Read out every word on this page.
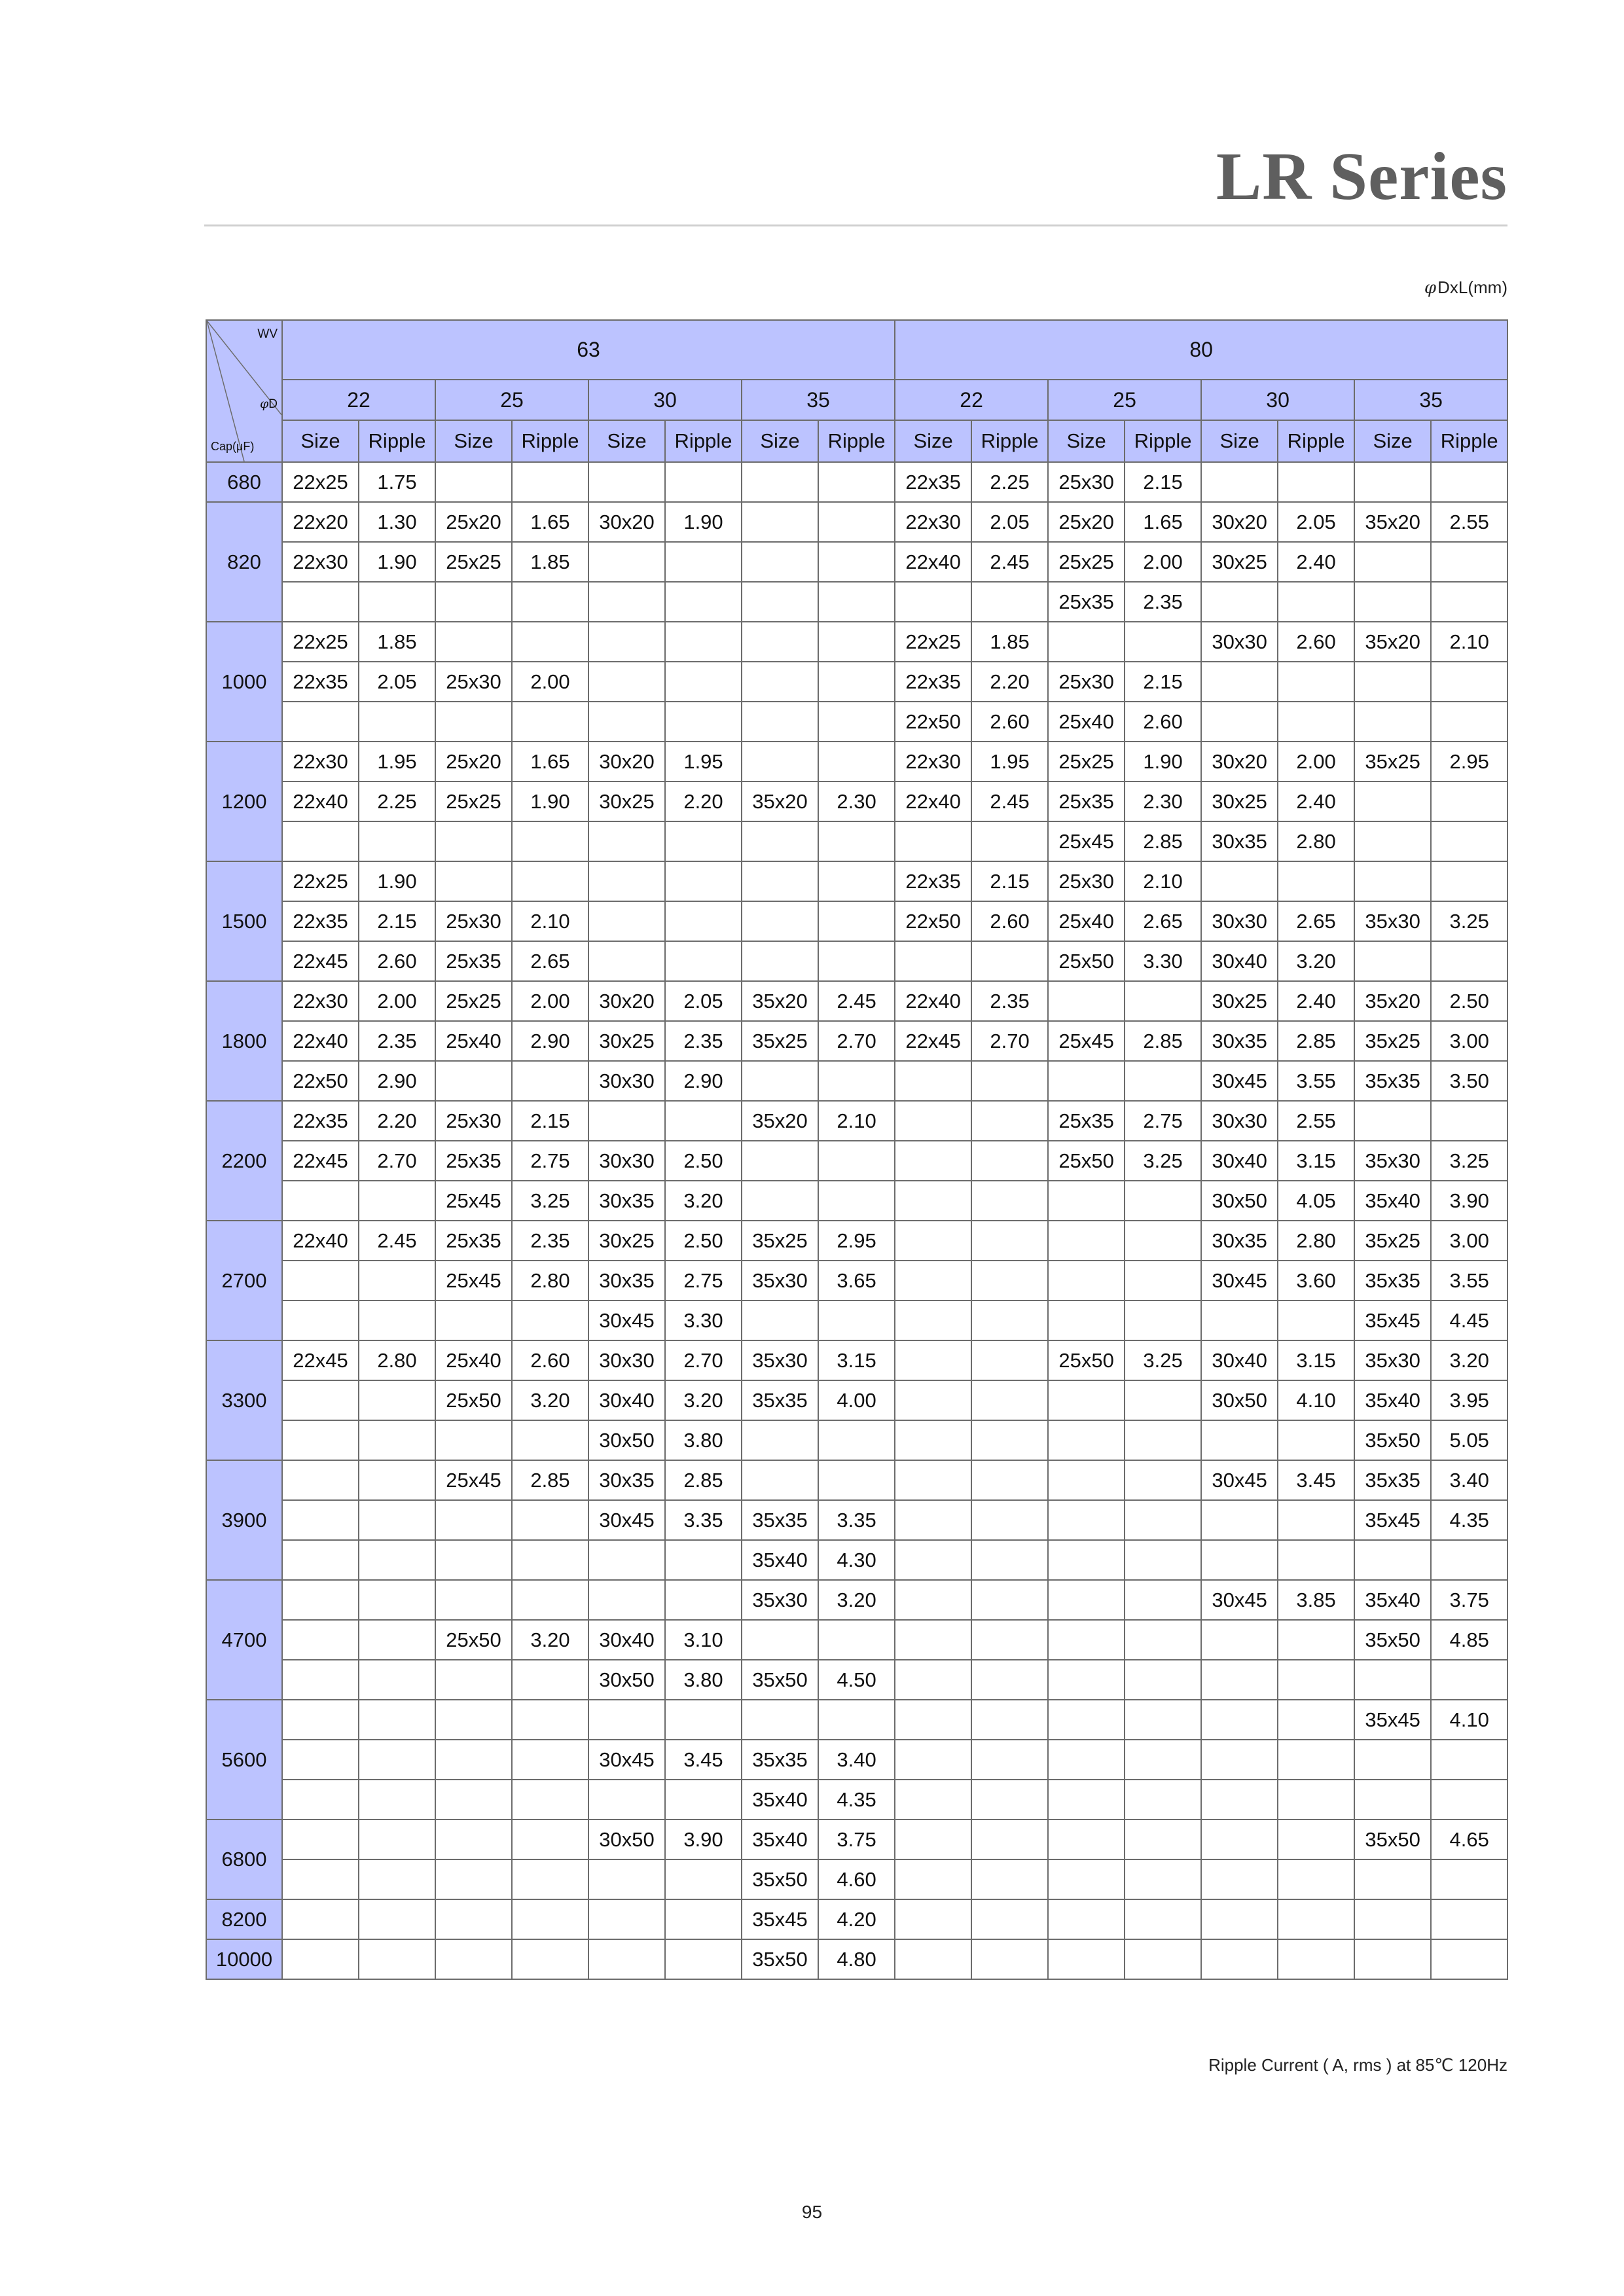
LR Series
φDxL(mm)
WV
φD
Cap(μF)	63								80							
	22		25		30		35		22		25		30		35	
	Size	Ripple	Size	Ripple	Size	Ripple	Size	Ripple	Size	Ripple	Size	Ripple	Size	Ripple	Size	Ripple
680	22x25	1.75							22x35	2.25	25x30	2.15				
820	22x20	1.30	25x20	1.65	30x20	1.90			22x30	2.05	25x20	1.65	30x20	2.05	35x20	2.55
	22x30	1.90	25x25	1.85					22x40	2.45	25x25	2.00	30x25	2.40		
											25x35	2.35				
1000	22x25	1.85							22x25	1.85			30x30	2.60	35x20	2.10
	22x35	2.05	25x30	2.00					22x35	2.20	25x30	2.15				
									22x50	2.60	25x40	2.60				
1200	22x30	1.95	25x20	1.65	30x20	1.95			22x30	1.95	25x25	1.90	30x20	2.00	35x25	2.95
	22x40	2.25	25x25	1.90	30x25	2.20	35x20	2.30	22x40	2.45	25x35	2.30	30x25	2.40		
											25x45	2.85	30x35	2.80		
1500	22x25	1.90							22x35	2.15	25x30	2.10				
	22x35	2.15	25x30	2.10					22x50	2.60	25x40	2.65	30x30	2.65	35x30	3.25
	22x45	2.60	25x35	2.65							25x50	3.30	30x40	3.20		
1800	22x30	2.00	25x25	2.00	30x20	2.05	35x20	2.45	22x40	2.35			30x25	2.40	35x20	2.50
	22x40	2.35	25x40	2.90	30x25	2.35	35x25	2.70	22x45	2.70	25x45	2.85	30x35	2.85	35x25	3.00
	22x50	2.90			30x30	2.90							30x45	3.55	35x35	3.50
2200	22x35	2.20	25x30	2.15			35x20	2.10			25x35	2.75	30x30	2.55		
	22x45	2.70	25x35	2.75	30x30	2.50					25x50	3.25	30x40	3.15	35x30	3.25
			25x45	3.25	30x35	3.20							30x50	4.05	35x40	3.90
2700	22x40	2.45	25x35	2.35	30x25	2.50	35x25	2.95					30x35	2.80	35x25	3.00
			25x45	2.80	30x35	2.75	35x30	3.65					30x45	3.60	35x35	3.55
					30x45	3.30									35x45	4.45
3300	22x45	2.80	25x40	2.60	30x30	2.70	35x30	3.15			25x50	3.25	30x40	3.15	35x30	3.20
			25x50	3.20	30x40	3.20	35x35	4.00					30x50	4.10	35x40	3.95
					30x50	3.80									35x50	5.05
3900			25x45	2.85	30x35	2.85							30x45	3.45	35x35	3.40
					30x45	3.35	35x35	3.35							35x45	4.35
							35x40	4.30								
4700							35x30	3.20					30x45	3.85	35x40	3.75
			25x50	3.20	30x40	3.10									35x50	4.85
					30x50	3.80	35x50	4.50								
5600															35x45	4.10
					30x45	3.45	35x35	3.40								
							35x40	4.35								
6800					30x50	3.90	35x40	3.75							35x50	4.65
							35x50	4.60								
8200							35x45	4.20								
10000							35x50	4.80								
Ripple Current ( A, rms ) at 85℃ 120Hz
95
